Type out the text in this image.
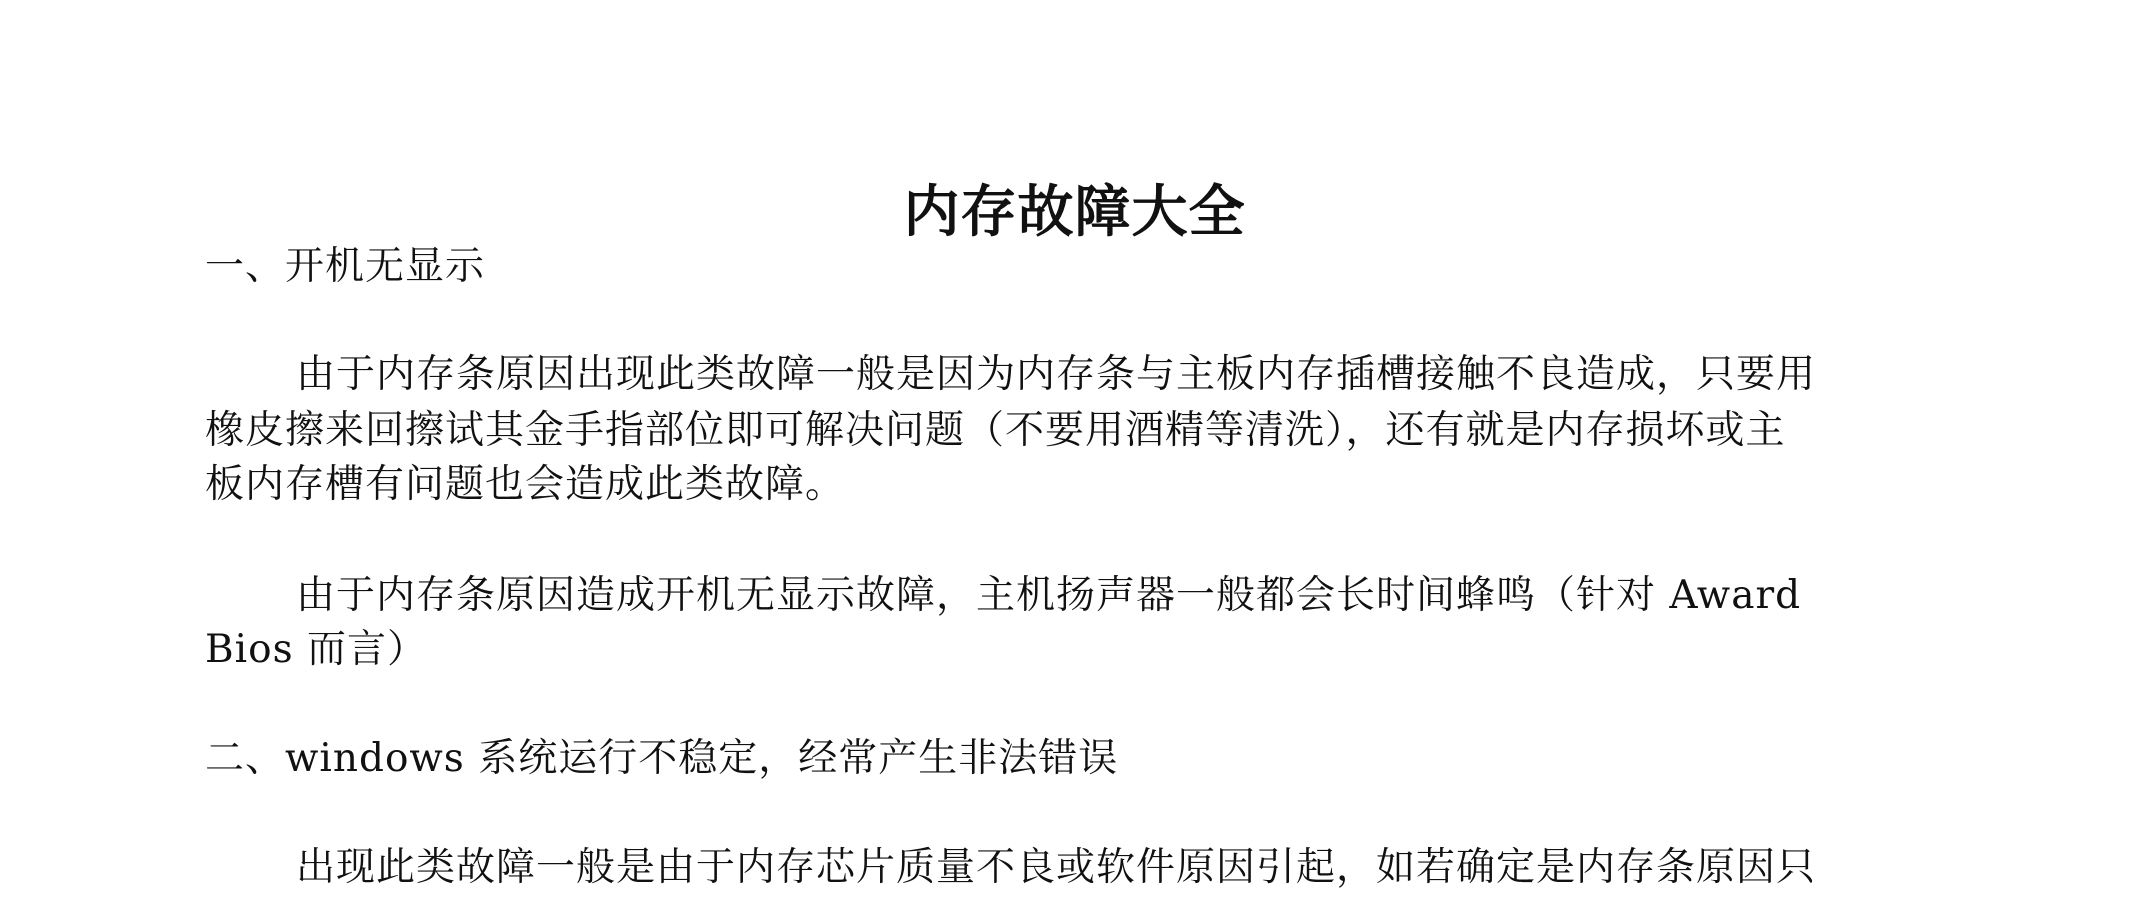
内存故障大全
一、开机无显示
由于内存条原因出现此类故障一般是因为内存条与主板内存插槽接触不良造成，只要用
橡皮擦来回擦试其金手指部位即可解决问题（不要用酒精等清洗），还有就是内存损坏或主
板内存槽有问题也会造成此类故障。
由于内存条原因造成开机无显示故障，主机扬声器一般都会长时间蜂鸣（针对 Award
Bios 而言）
二、windows 系统运行不稳定，经常产生非法错误
出现此类故障一般是由于内存芯片质量不良或软件原因引起，如若确定是内存条原因只
